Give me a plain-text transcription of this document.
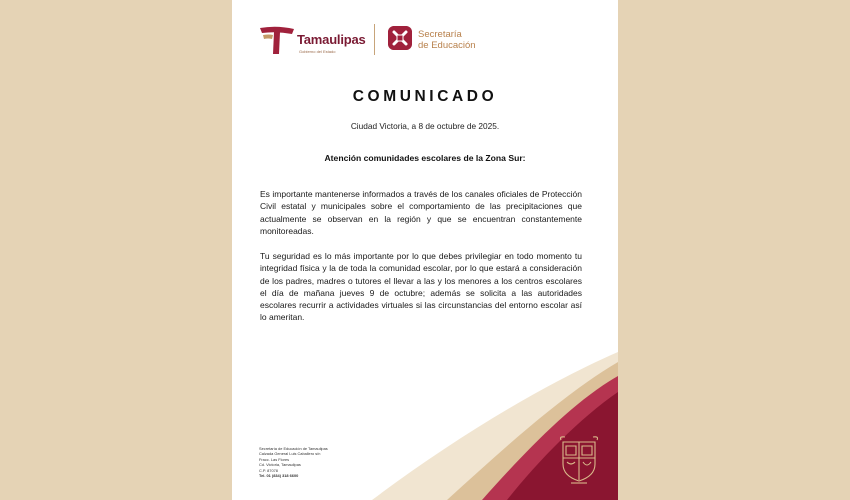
Tamaulipas
Gobierno del Estado
Secretaría
de Educación
COMUNICADO
Ciudad Victoria, a 8 de octubre de 2025.
Atención comunidades escolares de la Zona Sur:

Es importante mantenerse informados a través de los canales oficiales de Protección Civil estatal y municipales sobre el comportamiento de las precipitaciones que actualmente se observan en la región y que se encuentran constantemente monitoreadas.

Tu seguridad es lo más importante por lo que debes privilegiar en todo momento tu integridad física y la de toda la comunidad escolar, por lo que estará a consideración de los padres, madres o tutores el llevar a las y los menores a los centros escolares el día de mañana jueves 9 de octubre; además se solicita a las autoridades escolares recurrir a actividades virtuales si las circunstancias del entorno escolar así lo ameritan.

Secretaría de Educación de Tamaulipas
Calzada General Luis Caballero s/n
Fracc. Las Flores
Cd. Victoria, Tamaulipas
C.P. 87078
Tel. 01 (834) 318 6600
